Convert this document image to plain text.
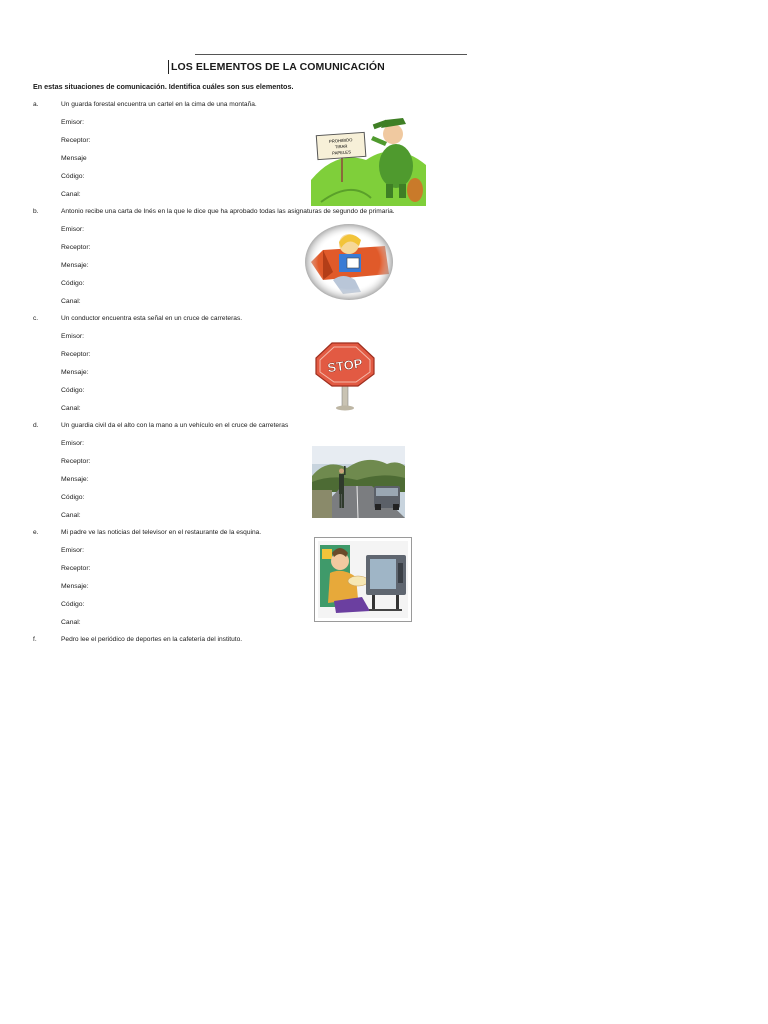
LOS ELEMENTOS DE LA COMUNICACIÓN
En estas situaciones de comunicación. Identifica cuáles son sus elementos.
a.	Un guarda forestal encuentra un cartel en la cima de una montaña.
Emisor:
Receptor:
Mensaje
Código:
Canal:
PROHIBIDO
TIRAR
PAPELES
b.	Antonio recibe una carta de Inés en la que le dice que ha aprobado todas las asignaturas de segundo de primaria.
Emisor:
Receptor:
Mensaje:
Código:
Canal:
c.	Un conductor encuentra esta señal en un cruce de carreteras.
Emisor:
Receptor:
Mensaje:
Código:
Canal:
STOP
d.	Un guardia civil da el alto con la mano a un vehículo en el cruce de carreteras
Emisor:
Receptor:
Mensaje:
Código:
Canal:
e.	Mi padre ve las noticias del televisor en el restaurante de la esquina.
Emisor:
Receptor:
Mensaje:
Código:
Canal:
f.	Pedro lee el periódico de deportes en la cafetería del instituto.
